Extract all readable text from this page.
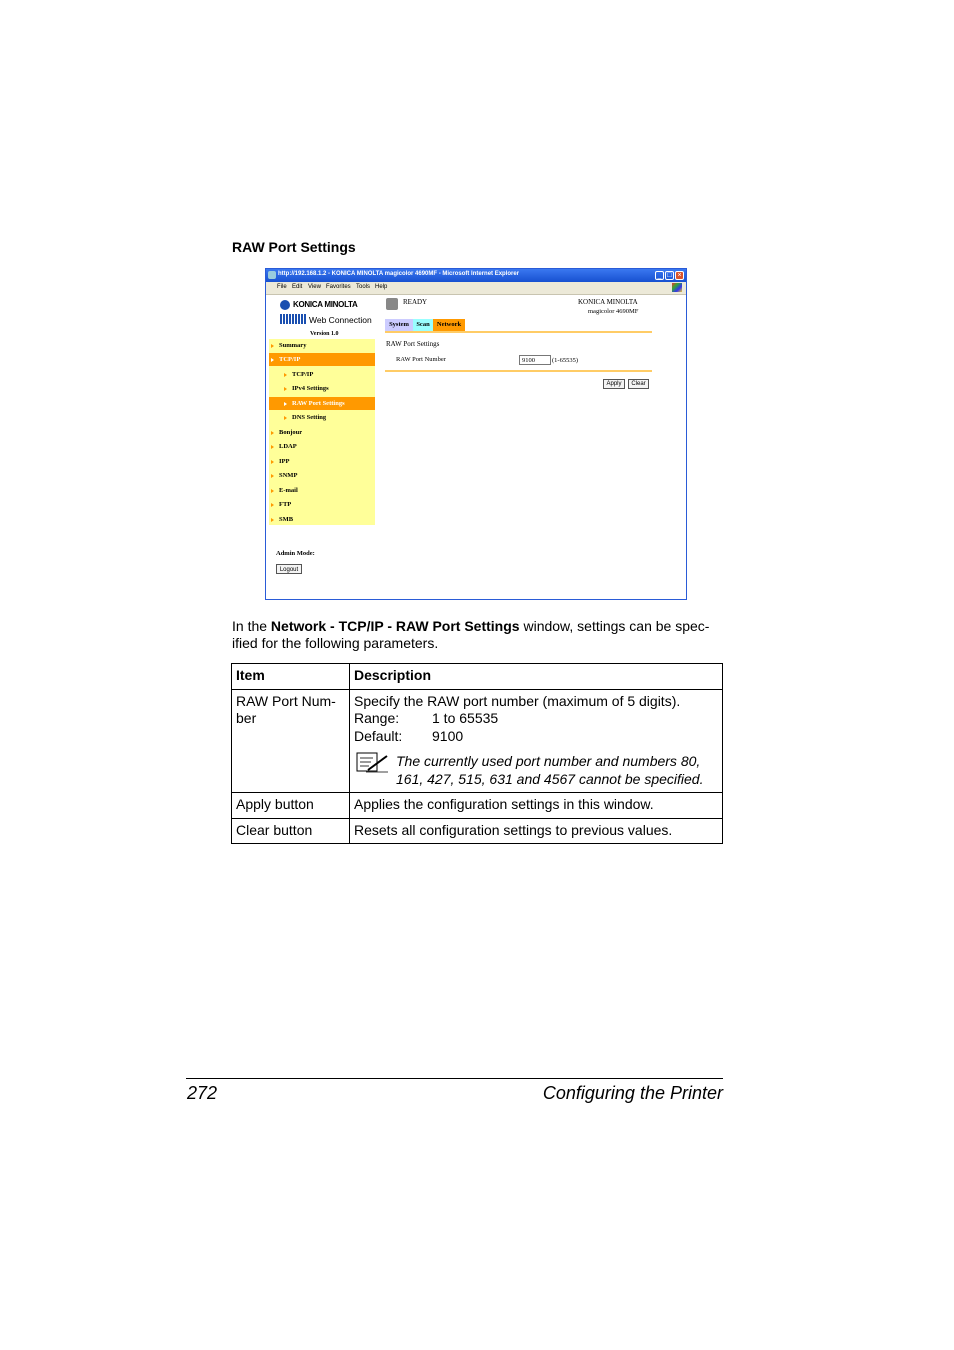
RAW Port Settings
http://192.168.1.2 - KONICA MINOLTA magicolor 4690MF - Microsoft Internet Explorer	_ □ ×
File Edit View Favorites Tools Help
KONICA MINOLTA
Web Connection
Version 1.0
Summary
TCP/IP
TCP/IP
IPv4 Settings
RAW Port Settings
DNS Setting
Bonjour
LDAP
IPP
SNMP
E-mail
FTP
SMB
Admin Mode:
Logout
READY	KONICA MINOLTA
magicolor 4690MF
System	Scan	Network
RAW Port Settings
RAW Port Number	9100	(1-65535)
Apply	Clear
In the Network - TCP/IP - RAW Port Settings window, settings can be spec-ified for the following parameters.
Item	Description
RAW Port Num-ber	Specify the RAW port number (maximum of 5 digits).
Range: 1 to 65535
Default: 9100
The currently used port number and numbers 80, 161, 427, 515, 631 and 4567 cannot be specified.

Apply button	Applies the configuration settings in this window.
Clear button	Resets all configuration settings to previous values.
272	Configuring the Printer
